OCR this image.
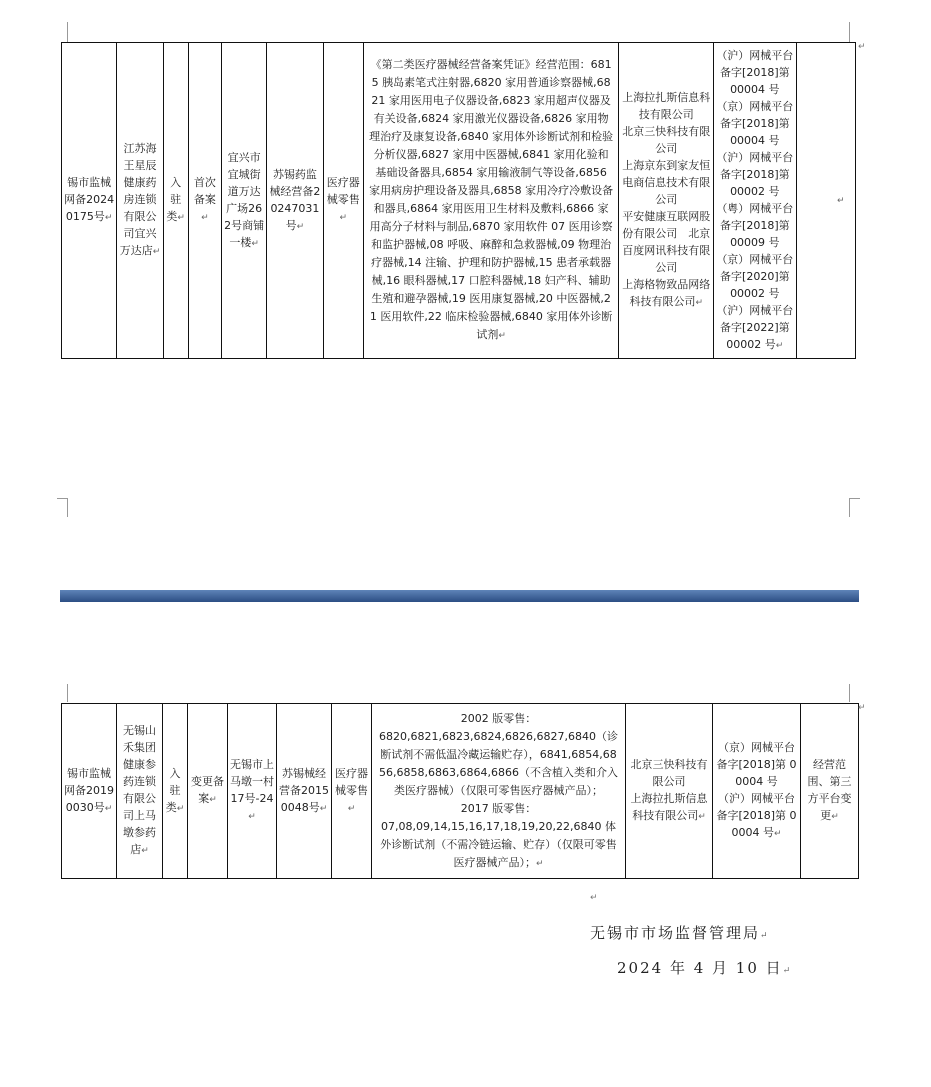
锡市监械网备20240175号↵	江苏海王星辰健康药房连锁有限公司宜兴万达店↵	入驻类↵	首次备案↵	宜兴市宜城街道万达广场262号商铺一楼↵	苏锡药监械经营备20247031号↵	医疗器械零售↵	《第二类医疗器械经营备案凭证》经营范围：6815 胰岛素笔式注射器,6820 家用普通诊察器械,6821 家用医用电子仪器设备,6823 家用超声仪器及有关设备,6824 家用激光仪器设备,6826 家用物理治疗及康复设备,6840 家用体外诊断试剂和检验分析仪器,6827 家用中医器械,6841 家用化验和基础设备器具,6854 家用输液制气等设备,6856 家用病房护理设备及器具,6858 家用冷疗冷敷设备和器具,6864 家用医用卫生材料及敷料,6866 家用高分子材料与制品,6870 家用软件 07 医用诊察和监护器械,08 呼吸、麻醉和急救器械,09 物理治疗器械,14 注输、护理和防护器械,15 患者承载器械,16 眼科器械,17 口腔科器械,18 妇产科、辅助生殖和避孕器械,19 医用康复器械,20 中医器械,21 医用软件,22 临床检验器械,6840 家用体外诊断试剂↵	上海拉扎斯信息科技有限公司
北京三快科技有限公司
上海京东到家友恒电商信息技术有限公司
平安健康互联网股份有限公司　北京百度网讯科技有限公司
上海格物致品网络科技有限公司↵	（沪）网械平台备字[2018]第 00004 号
（京）网械平台备字[2018]第 00004 号
（沪）网械平台备字[2018]第 00002 号
（粤）网械平台备字[2018]第 00009 号
（京）网械平台备字[2020]第 00002 号
（沪）网械平台备字[2022]第 00002 号↵	↵
↵
锡市监械网备20190030号↵	无锡山禾集团健康参药连锁有限公司上马墩参药店↵	入驻类↵	变更备案↵	无锡市上马墩一村17号-24↵	苏锡械经营备20150048号↵	医疗器械零售↵	2002 版零售：
6820,6821,6823,6824,6826,6827,6840（诊断试剂不需低温冷藏运输贮存），6841,6854,6856,6858,6863,6864,6866（不含植入类和介入类医疗器械）（仅限可零售医疗器械产品）；
2017 版零售：
07,08,09,14,15,16,17,18,19,20,22,6840 体外诊断试剂（不需冷链运输、贮存）（仅限可零售医疗器械产品）；↵	北京三快科技有限公司
上海拉扎斯信息科技有限公司↵	（京）网械平台备字[2018]第 00004 号
（沪）网械平台备字[2018]第 00004 号↵	经营范围、第三方平台变更↵
↵
↵
无锡市市场监督管理局↵
2024 年 4 月 10 日↵
